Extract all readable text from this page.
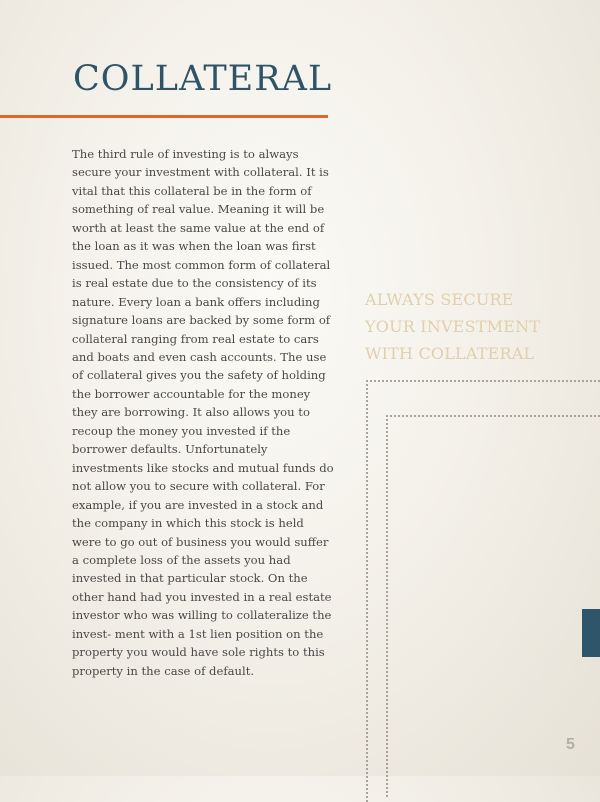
COLLATERAL

The third rule of investing is to always secure your investment with collateral. It is vital that this collateral be in the form of something of real value. Meaning it will be worth at least the same value at the end of the loan as it was when the loan was first issued. The most common form of collateral is real estate due to the consistency of its nature. Every loan a bank offers including signature loans are backed by some form of collateral ranging from real estate to cars and boats and even cash accounts. The use of collateral gives you the safety of holding the borrower accountable for the money they are borrowing. It also allows you to recoup the money you invested if the borrower defaults. Unfortunately investments like stocks and mutual funds do not allow you to secure with collateral. For example, if you are invested in a stock and the company in which this stock is held were to go out of business you would suffer a complete loss of the assets you had invested in that particular stock. On the other hand had you invested in a real estate investor who was willing to collateralize the invest- ment with a 1st lien position on the property you would have sole rights to this property in the case of default.

ALWAYS SECURE YOUR INVESTMENT WITH COLLATERAL

5
